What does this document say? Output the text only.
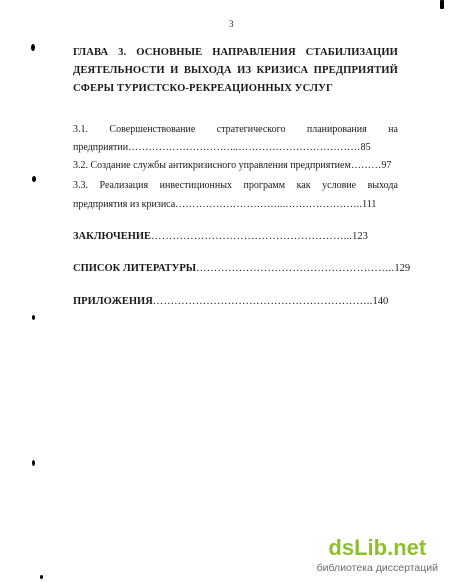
3
ГЛАВА 3. ОСНОВНЫЕ НАПРАВЛЕНИЯ СТАБИЛИЗАЦИИ ДЕЯТЕЛЬНОСТИ И ВЫХОДА ИЗ КРИЗИСА ПРЕДПРИЯТИЙ СФЕРЫ ТУРИСТСКО-РЕКРЕАЦИОННЫХ УСЛУГ
3.1. Совершенствование стратегического планирования на
предприятии…………………………...………………………………85
3.2. Создание службы антикризисного управления предприятием………97
3.3. Реализация инвестиционных программ как условие выхода
предприятия из кризиса…………………………...…………………..111
ЗАКЛЮЧЕНИЕ………………………………………………...123
СПИСОК ЛИТЕРАТУРЫ………………………………………………..129
ПРИЛОЖЕНИЯ……………………………………………………..140
dsLib.net
библиотека диссертаций
